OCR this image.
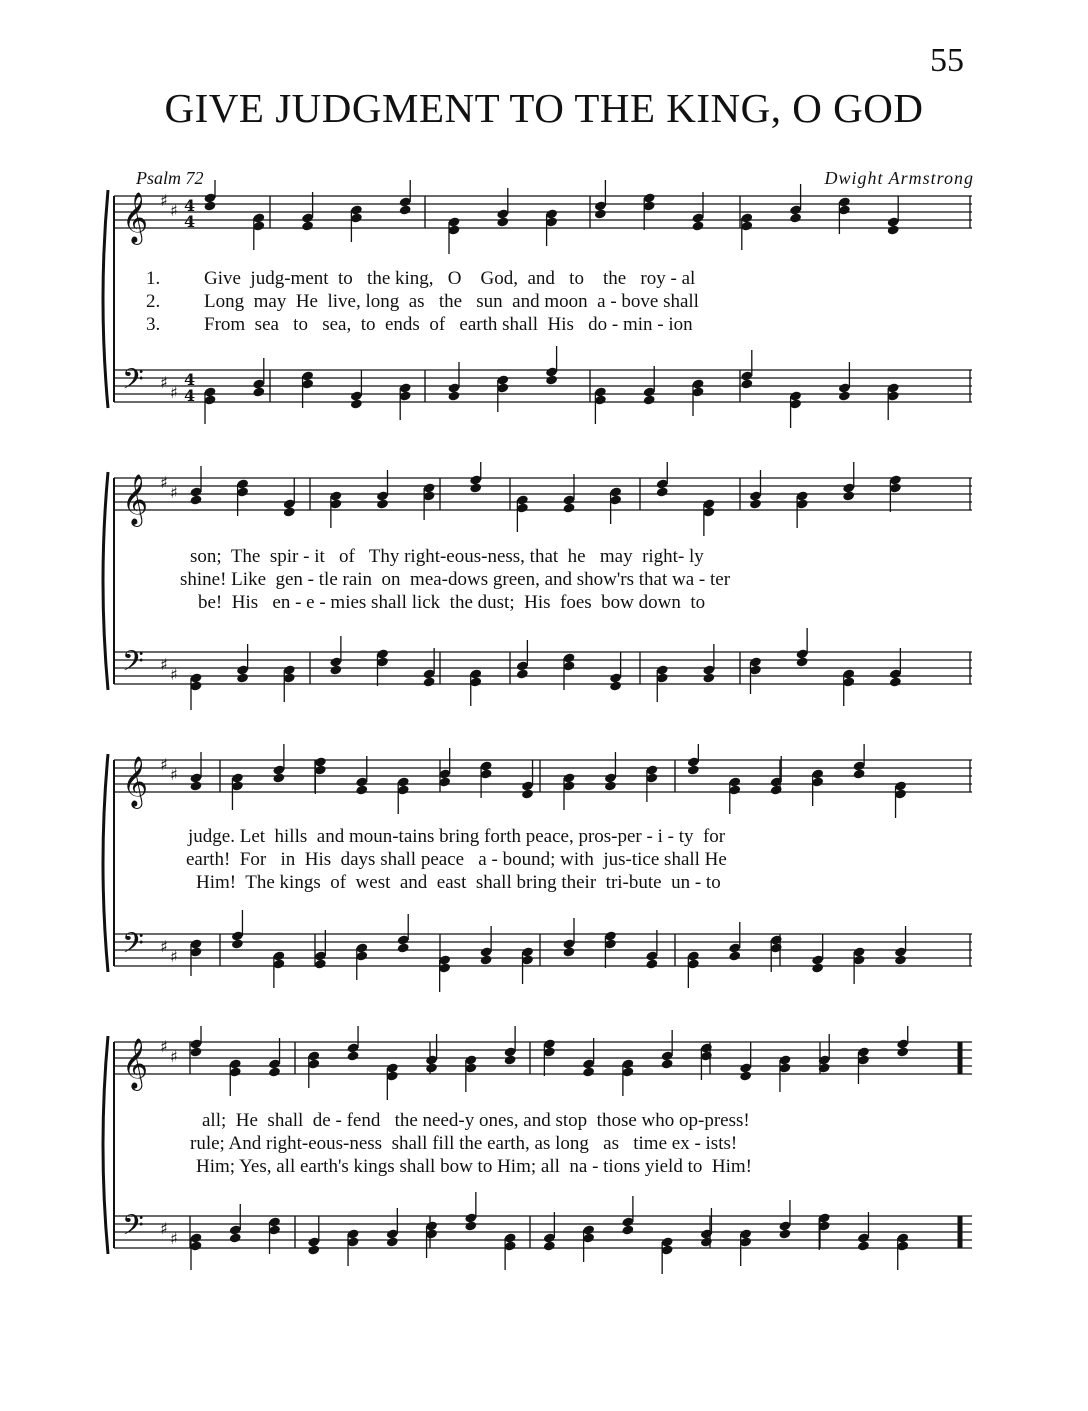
55
GIVE JUDGMENT TO THE KING, O GOD
Psalm 72	Dwight Armstrong
𝄞 ♯
♯ 4
4
𝄢 ♯
♯
4
4
1.
2.
3.
Give  judg-ment  to   the king,   O    God,  and   to    the   roy - al
Long  may  He  live, long  as   the   sun  and moon  a - bove shall
From  sea   to   sea,  to  ends  of   earth shall  His   do - min - ion
𝄞 ♯
♯
𝄢 ♯
♯
son;  The  spir - it   of   Thy right-eous-ness, that  he   may  right- ly
shine! Like  gen - tle rain  on  mea-dows green, and show'rs that wa - ter
be!  His   en - e - mies shall lick  the dust;  His  foes  bow down  to
𝄞 ♯
♯
𝄢 ♯
♯
judge. Let  hills  and moun-tains bring forth peace, pros-per - i - ty  for
earth!  For   in  His  days shall peace   a - bound; with  jus-tice shall He
Him!  The kings  of  west  and  east  shall bring their  tri-bute  un - to
𝄞 ♯
♯
𝄢 ♯
♯
all;  He  shall  de - fend   the need-y ones, and stop  those who op-press!
rule; And right-eous-ness  shall fill the earth, as long   as   time ex - ists!
Him; Yes, all earth's kings shall bow to Him; all  na - tions yield to  Him!
